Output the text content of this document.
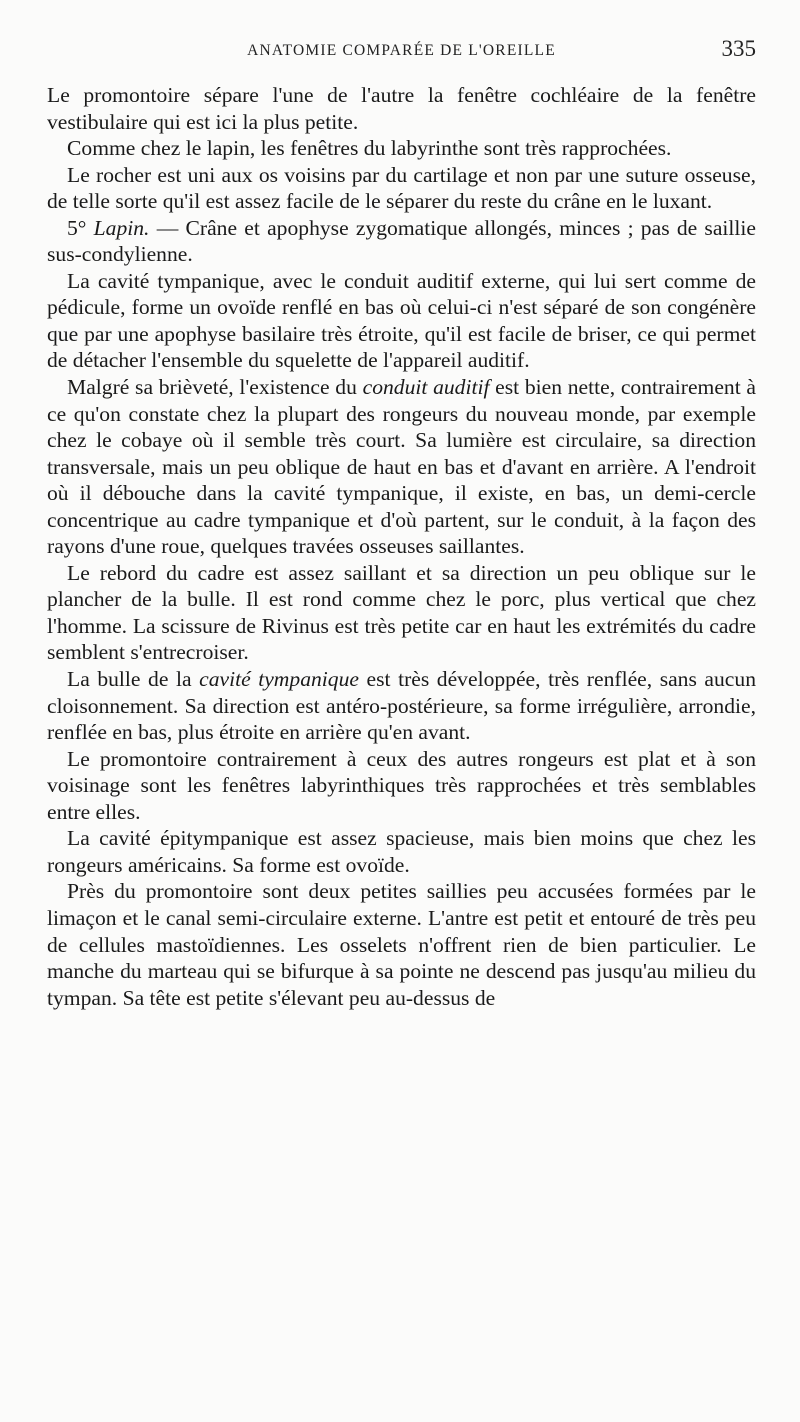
ANATOMIE COMPARÉE DE L'OREILLE	335

Le promontoire sépare l'une de l'autre la fenêtre cochléaire de la fenêtre vestibulaire qui est ici la plus petite.

Comme chez le lapin, les fenêtres du labyrinthe sont très rapprochées.

Le rocher est uni aux os voisins par du cartilage et non par une suture osseuse, de telle sorte qu'il est assez facile de le séparer du reste du crâne en le luxant.

5° Lapin. — Crâne et apophyse zygomatique allongés, minces ; pas de saillie sus-condylienne.

La cavité tympanique, avec le conduit auditif externe, qui lui sert comme de pédicule, forme un ovoïde renflé en bas où celui-ci n'est séparé de son congénère que par une apophyse basilaire très étroite, qu'il est facile de briser, ce qui permet de détacher l'ensemble du squelette de l'appareil auditif.

Malgré sa brièveté, l'existence du conduit auditif est bien nette, contrairement à ce qu'on constate chez la plupart des rongeurs du nouveau monde, par exemple chez le cobaye où il semble très court. Sa lumière est circulaire, sa direction transversale, mais un peu oblique de haut en bas et d'avant en arrière. A l'endroit où il débouche dans la cavité tympanique, il existe, en bas, un demi-cercle concentrique au cadre tympanique et d'où partent, sur le conduit, à la façon des rayons d'une roue, quelques travées osseuses saillantes.

Le rebord du cadre est assez saillant et sa direction un peu oblique sur le plancher de la bulle. Il est rond comme chez le porc, plus vertical que chez l'homme. La scissure de Rivinus est très petite car en haut les extrémités du cadre semblent s'entrecroiser.

La bulle de la cavité tympanique est très développée, très renflée, sans aucun cloisonnement. Sa direction est antéro-postérieure, sa forme irrégulière, arrondie, renflée en bas, plus étroite en arrière qu'en avant.

Le promontoire contrairement à ceux des autres rongeurs est plat et à son voisinage sont les fenêtres labyrinthiques très rapprochées et très semblables entre elles.

La cavité épitympanique est assez spacieuse, mais bien moins que chez les rongeurs américains. Sa forme est ovoïde.

Près du promontoire sont deux petites saillies peu accusées formées par le limaçon et le canal semi-circulaire externe. L'antre est petit et entouré de très peu de cellules mastoïdiennes. Les osselets n'offrent rien de bien particulier. Le manche du marteau qui se bifurque à sa pointe ne descend pas jusqu'au milieu du tympan. Sa tête est petite s'élevant peu au-dessus de
